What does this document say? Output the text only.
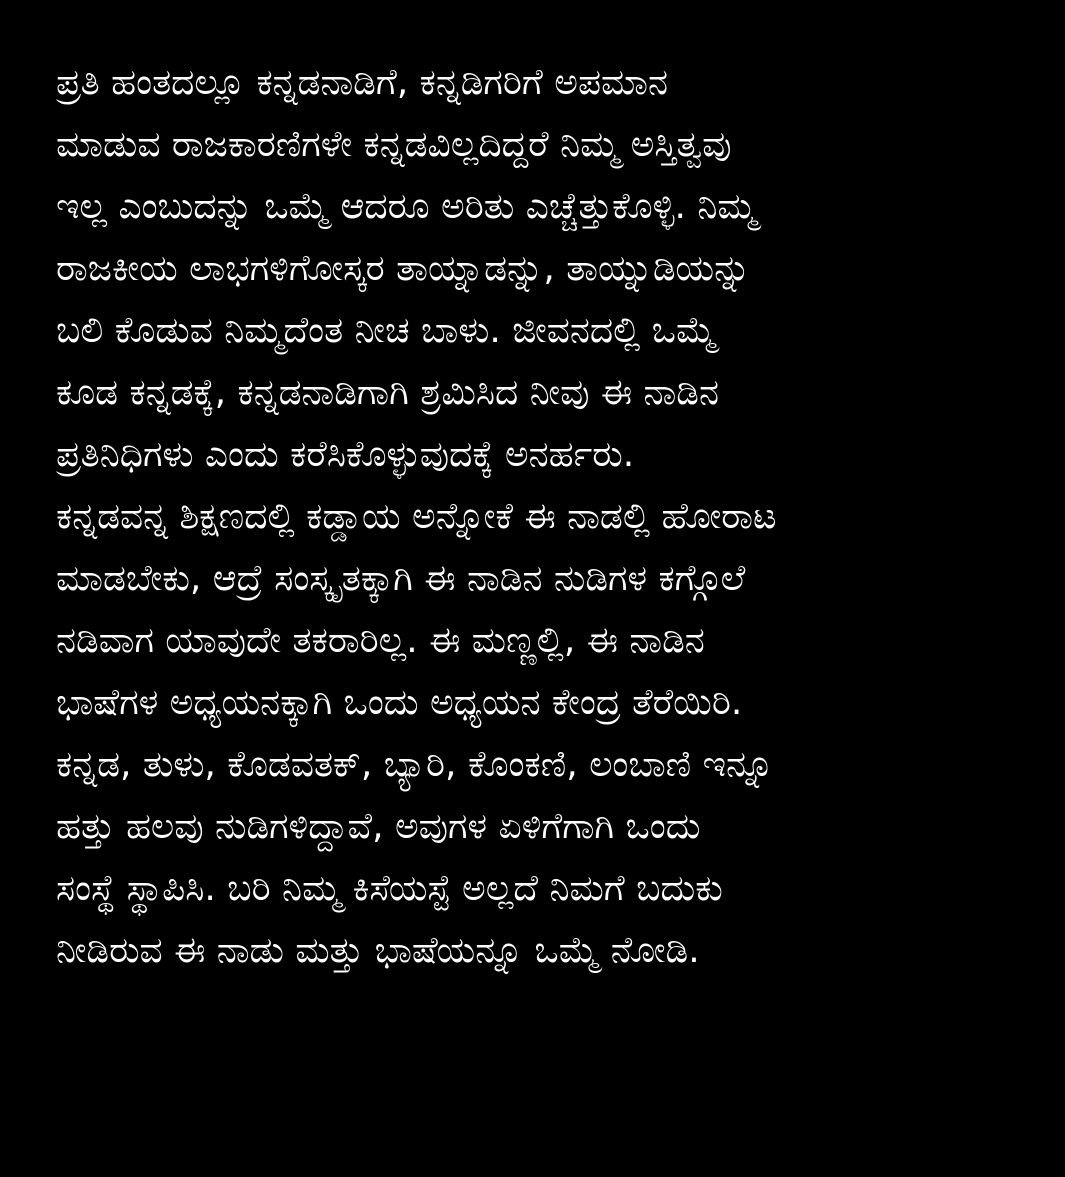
ಪ್ರತಿ ಹಂತದಲ್ಲೂ ಕನ್ನಡನಾಡಿಗೆ, ಕನ್ನಡಿಗರಿಗೆ ಅಪಮಾನ
ಮಾಡುವ ರಾಜಕಾರಣಿಗಳೇ ಕನ್ನಡವಿಲ್ಲದಿದ್ದರೆ ನಿಮ್ಮ ಅಸ್ತಿತ್ವವು
ಇಲ್ಲ ಎಂಬುದನ್ನು ಒಮ್ಮೆ ಆದರೂ ಅರಿತು ಎಚ್ಚೆತ್ತುಕೊಳ್ಳಿ. ನಿಮ್ಮ
ರಾಜಕೀಯ ಲಾಭಗಳಿಗೋಸ್ಕರ ತಾಯ್ನಾಡನ್ನು, ತಾಯ್ನುಡಿಯನ್ನು
ಬಲಿ ಕೊಡುವ ನಿಮ್ಮದೆಂತ ನೀಚ ಬಾಳು. ಜೀವನದಲ್ಲಿ ಒಮ್ಮೆ
ಕೂಡ ಕನ್ನಡಕ್ಕೆ, ಕನ್ನಡನಾಡಿಗಾಗಿ ಶ್ರಮಿಸಿದ ನೀವು ಈ ನಾಡಿನ
ಪ್ರತಿನಿಧಿಗಳು ಎಂದು ಕರೆಸಿಕೊಳ್ಳುವುದಕ್ಕೆ ಅನರ್ಹರು.
ಕನ್ನಡವನ್ನ ಶಿಕ್ಷಣದಲ್ಲಿ ಕಡ್ಡಾಯ ಅನ್ನೋಕೆ ಈ ನಾಡಲ್ಲಿ ಹೋರಾಟ
ಮಾಡಬೇಕು, ಆದ್ರೆ ಸಂಸ್ಕೃತಕ್ಕಾಗಿ ಈ ನಾಡಿನ ನುಡಿಗಳ ಕಗ್ಗೊಲೆ
ನಡಿವಾಗ ಯಾವುದೇ ತಕರಾರಿಲ್ಲ. ಈ ಮಣ್ಣಲ್ಲಿ, ಈ ನಾಡಿನ
ಭಾಷೆಗಳ ಅಧ್ಯಯನಕ್ಕಾಗಿ ಒಂದು ಅಧ್ಯಯನ ಕೇಂದ್ರ ತೆರೆಯಿರಿ.
ಕನ್ನಡ, ತುಳು, ಕೊಡವತಕ್, ಬ್ಯಾರಿ, ಕೊಂಕಣಿ, ಲಂಬಾಣಿ ಇನ್ನೂ
ಹತ್ತು ಹಲವು ನುಡಿಗಳಿದ್ದಾವೆ, ಅವುಗಳ ಏಳಿಗೆಗಾಗಿ ಒಂದು
ಸಂಸ್ಥೆ ಸ್ಥಾಪಿಸಿ. ಬರಿ ನಿಮ್ಮ ಕಿಸೆಯಸ್ಟೆ ಅಲ್ಲದೆ ನಿಮಗೆ ಬದುಕು
ನೀಡಿರುವ ಈ ನಾಡು ಮತ್ತು ಭಾಷೆಯನ್ನೂ ಒಮ್ಮೆ ನೋಡಿ.
